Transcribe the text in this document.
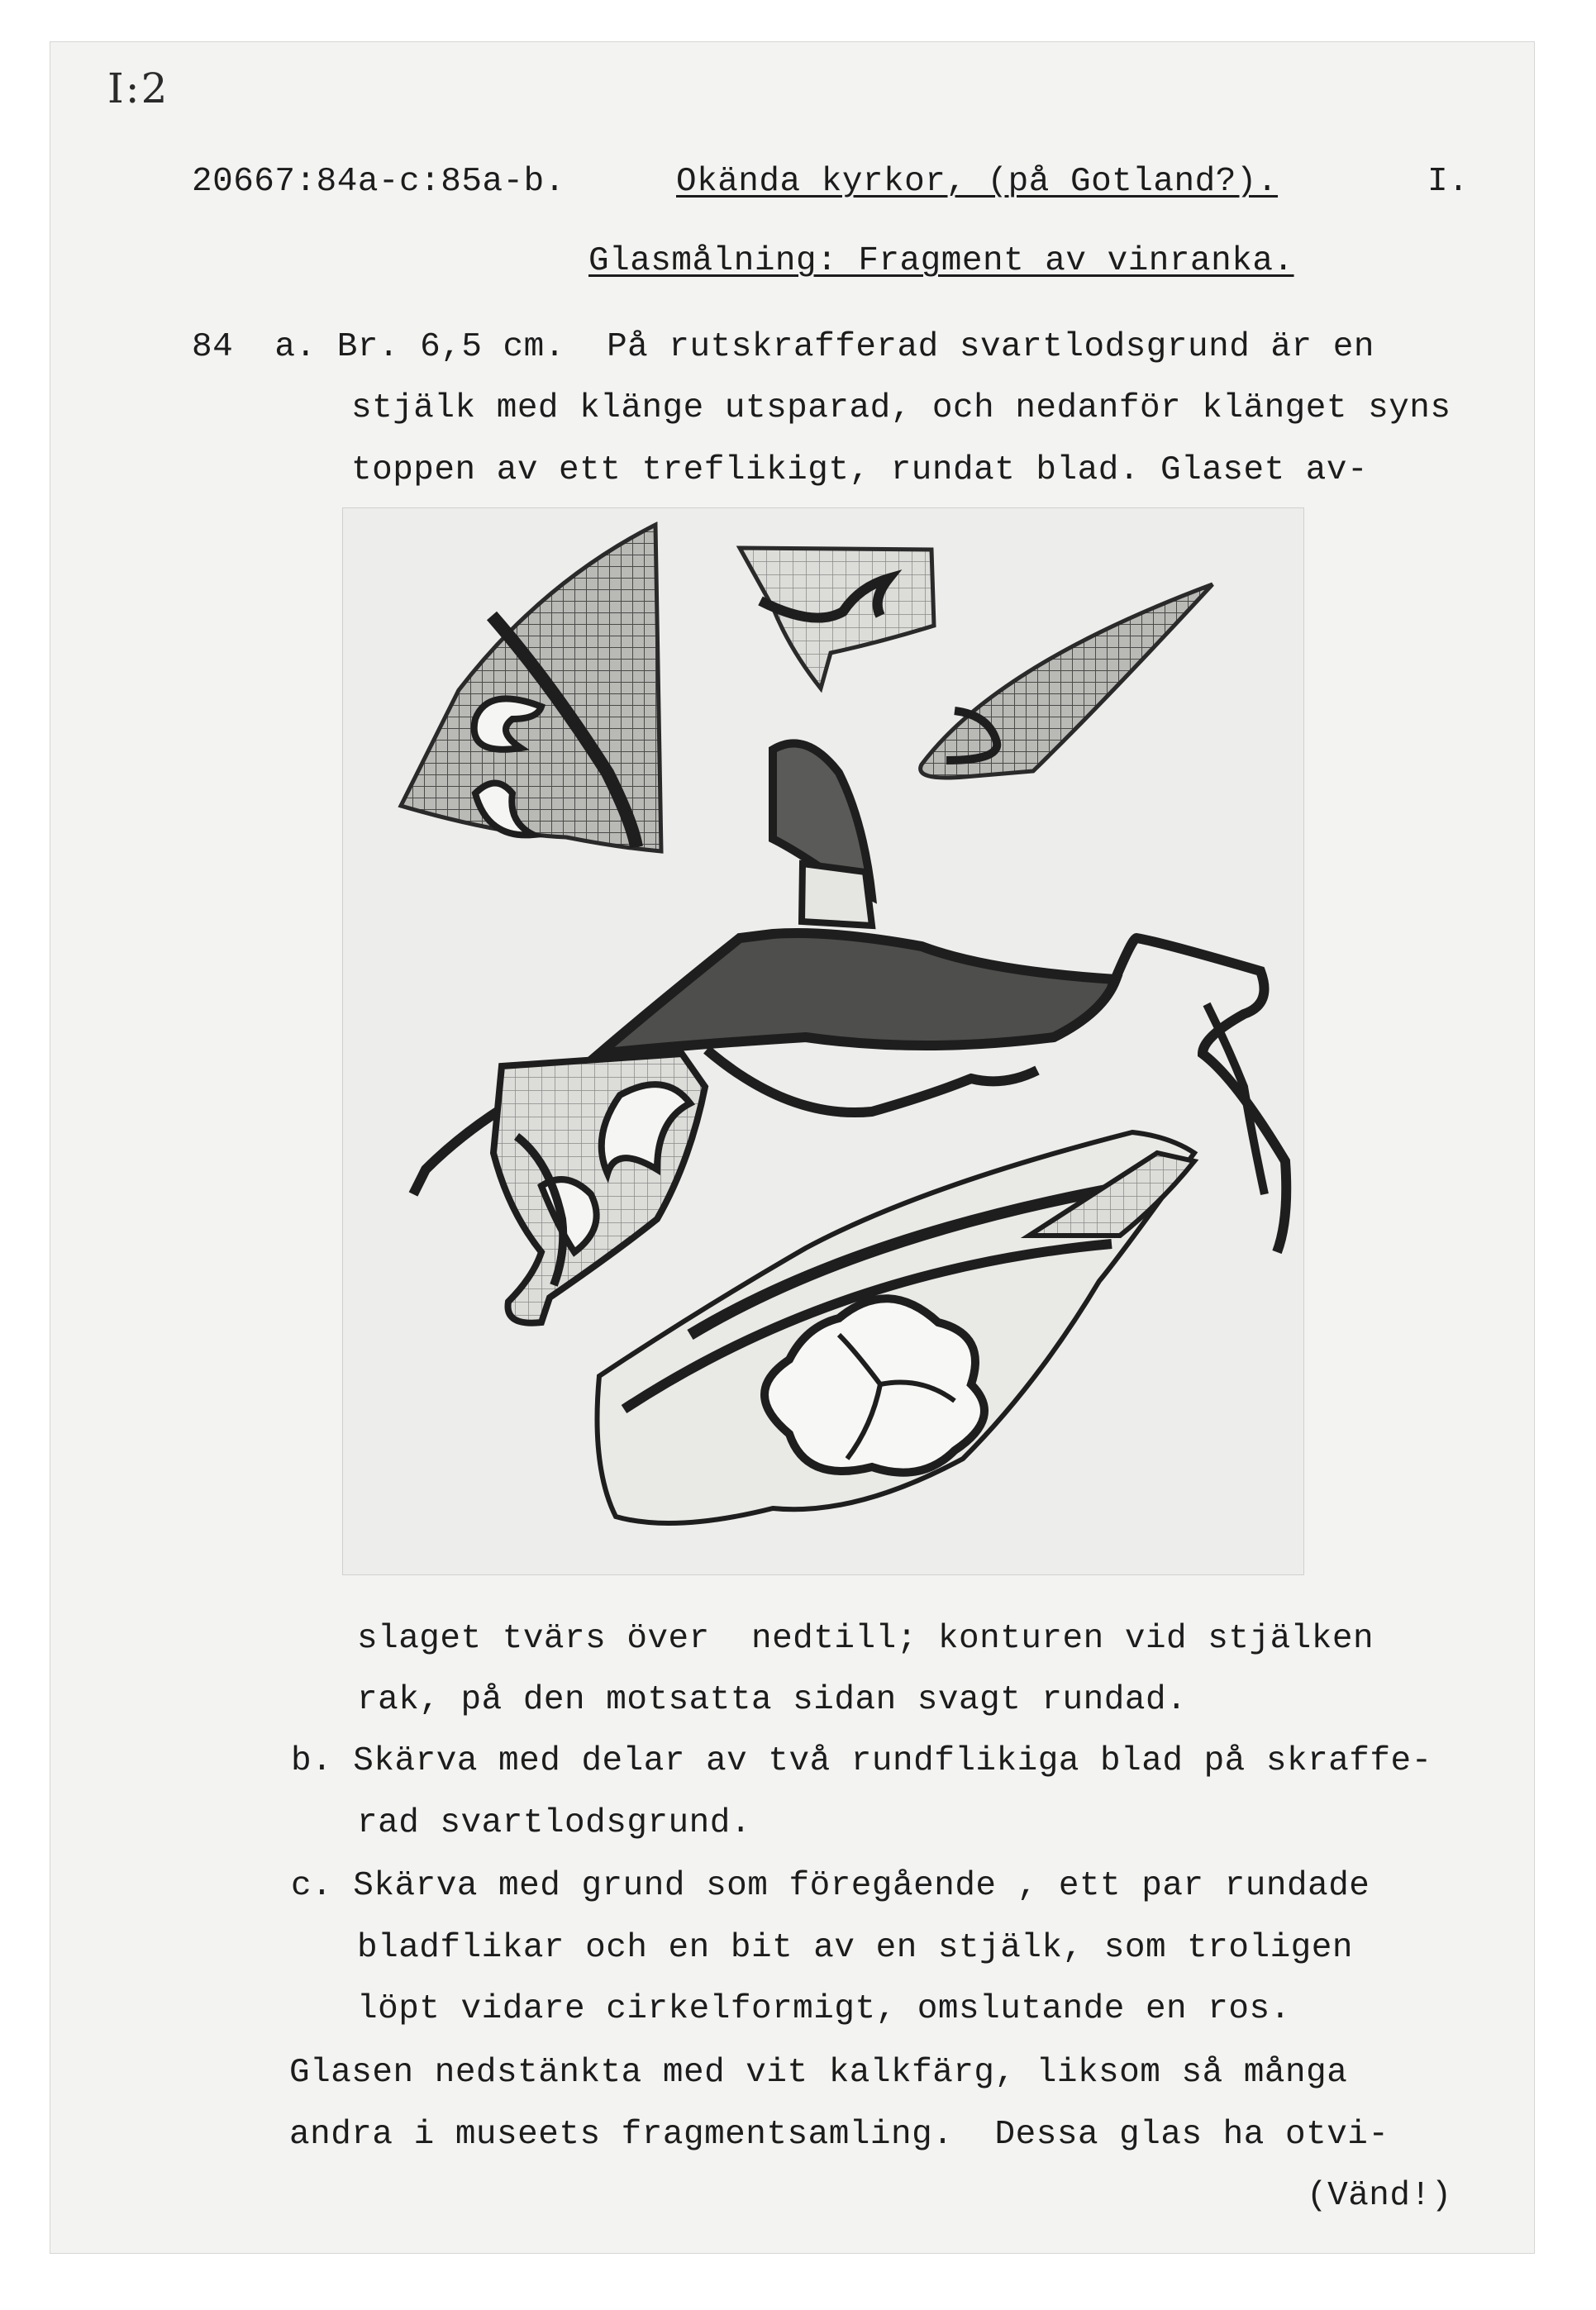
I:2
20667:84a-c:85a-b.	Okända kyrkor, (på Gotland?).	I.
Glasmålning: Fragment av vinranka.
84  a. Br. 6,5 cm.  På rutskrafferad svartlodsgrund är en
stjälk med klänge utsparad, och nedanför klänget syns
toppen av ett treflikigt, rundat blad. Glaset av-
slaget tvärs över  nedtill; konturen vid stjälken
rak, på den motsatta sidan svagt rundad.
b. Skärva med delar av två rundflikiga blad på skraffe-
rad svartlodsgrund.
c. Skärva med grund som föregående , ett par rundade
bladflikar och en bit av en stjälk, som troligen
löpt vidare cirkelformigt, omslutande en ros.
Glasen nedstänkta med vit kalkfärg, liksom så många
andra i museets fragmentsamling.  Dessa glas ha otvi-
(Vänd!)
